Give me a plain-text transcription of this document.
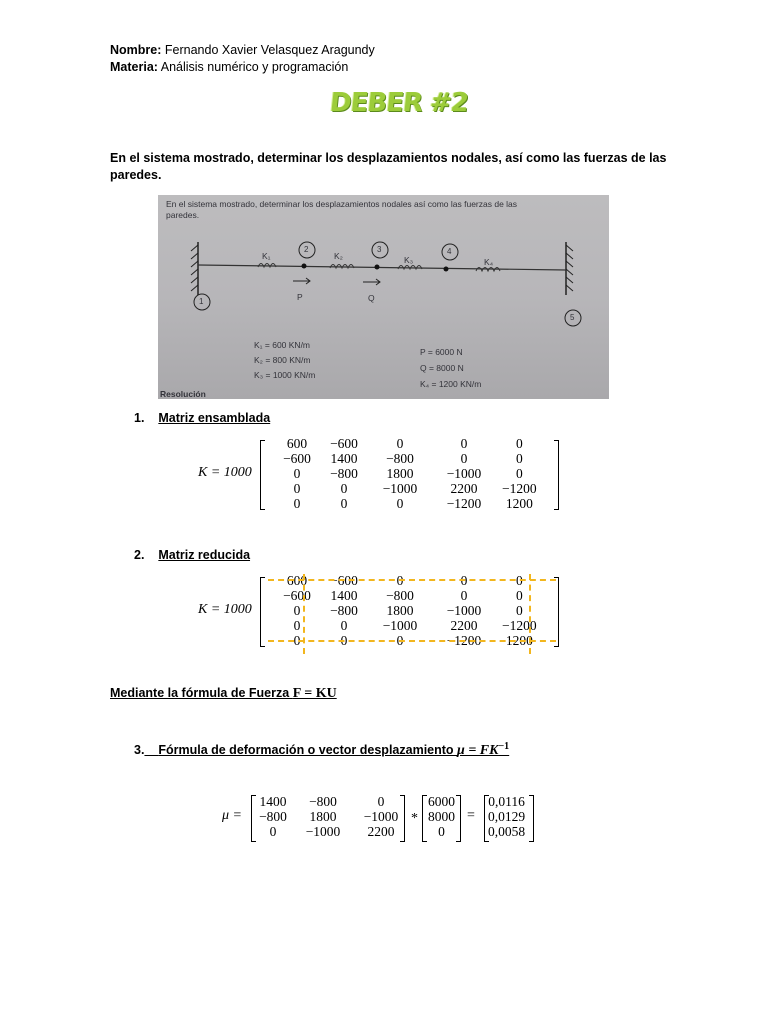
Nombre: Fernando Xavier Velasquez Aragundy
Materia: Análisis numérico y programación
DEBER #2
En el sistema mostrado, determinar los desplazamientos nodales, así como las fuerzas de las paredes.
En el sistema mostrado, determinar los desplazamientos nodales así como las fuerzas de las
paredes.
1
2	3	4
5
K₁	K₂	K₃	K₄
P	Q
K₁ = 600 KN/m
K₂ = 800 KN/m
K₃ = 1000 KN/m
P = 6000 N
Q = 8000 N
K₄ = 1200 KN/m
Resolución
1. Matriz ensamblada
K = 1000
600	−600	0	0	0
−600	1400	−800	0	0
0	−800	1800	−1000	0
0	0	−1000	2200	−1200
0	0	0	−1200	1200
2. Matriz reducida
K = 1000
600	−600	0	0	0
−600	1400	−800	0	0
0	−800	1800	−1000	0
0	0	−1000	2200	−1200
0	0	0	−1200	1200
Mediante la fórmula de Fuerza F = KU
3. Fórmula de deformación o vector desplazamiento $\mu = FK^{-1}$
μ =
1400	−800	0
−800	1800	−1000
0	−1000	2200
*
6000
8000
0
=
0,0116
0,0129
0,0058
